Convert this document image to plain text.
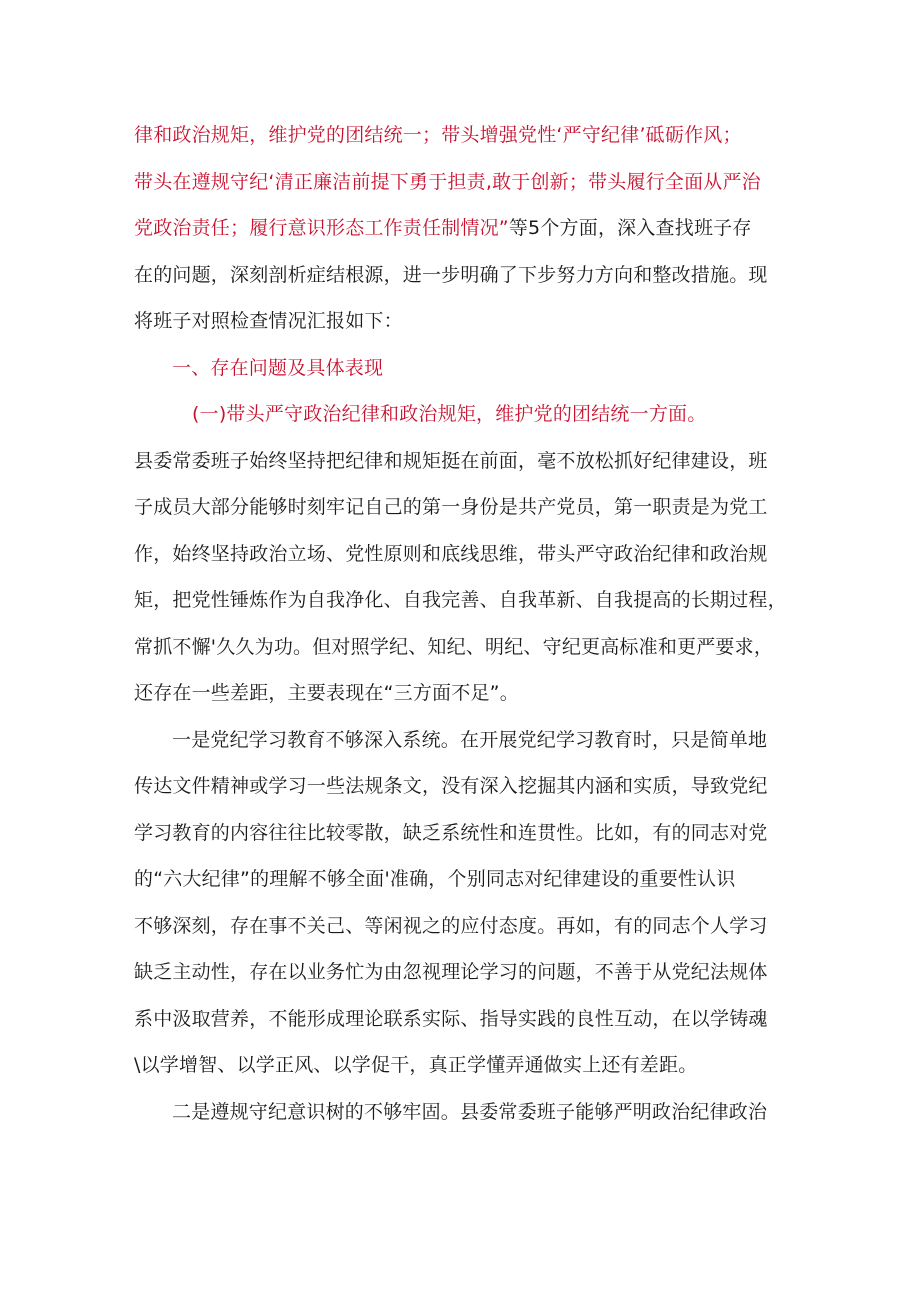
律和政治规矩，维护党的团结统一；带头增强党性‘严守纪律’砥砺作风；
带头在遵规守纪‘清正廉洁前提下勇于担责,敢于创新；带头履行全面从严治
党政治责任；履行意识形态工作责任制情况”等5个方面，深入查找班子存
在的问题，深刻剖析症结根源，进一步明确了下步努力方向和整改措施。现
将班子对照检查情况汇报如下：
一、存在问题及具体表现
(一)带头严守政治纪律和政治规矩，维护党的团结统一方面。
县委常委班子始终坚持把纪律和规矩挺在前面，毫不放松抓好纪律建设，班
子成员大部分能够时刻牢记自己的第一身份是共产党员，第一职责是为党工
作，始终坚持政治立场、党性原则和底线思维，带头严守政治纪律和政治规
矩，把党性锤炼作为自我净化、自我完善、自我革新、自我提高的长期过程，
常抓不懈'久久为功。但对照学纪、知纪、明纪、守纪更高标准和更严要求，
还存在一些差距，主要表现在“三方面不足”。
一是党纪学习教育不够深入系统。在开展党纪学习教育时，只是简单地
传达文件精神或学习一些法规条文，没有深入挖掘其内涵和实质，导致党纪
学习教育的内容往往比较零散，缺乏系统性和连贯性。比如，有的同志对党
的“六大纪律”的理解不够全面'准确，个别同志对纪律建设的重要性认识
不够深刻，存在事不关己、等闲视之的应付态度。再如，有的同志个人学习
缺乏主动性，存在以业务忙为由忽视理论学习的问题，不善于从党纪法规体
系中汲取营养，不能形成理论联系实际、指导实践的良性互动，在以学铸魂
\以学增智、以学正风、以学促干，真正学懂弄通做实上还有差距。
二是遵规守纪意识树的不够牢固。县委常委班子能够严明政治纪律政治
